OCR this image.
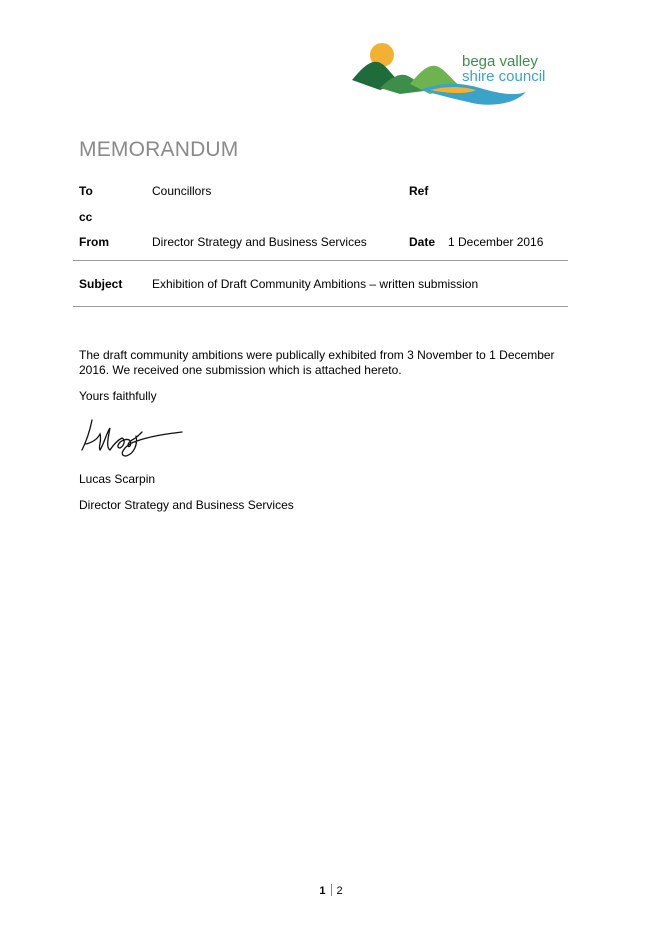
bega valley
shire council
MEMORANDUM
To	Councillors	Ref
cc
From	Director Strategy and Business Services	Date 1 December 2016
Subject Exhibition of Draft Community Ambitions – written submission
The draft community ambitions were publically exhibited from 3 November to 1 December 2016. We received one submission which is attached hereto.
Yours faithfully
Lucas Scarpin
Director Strategy and Business Services
1 2
